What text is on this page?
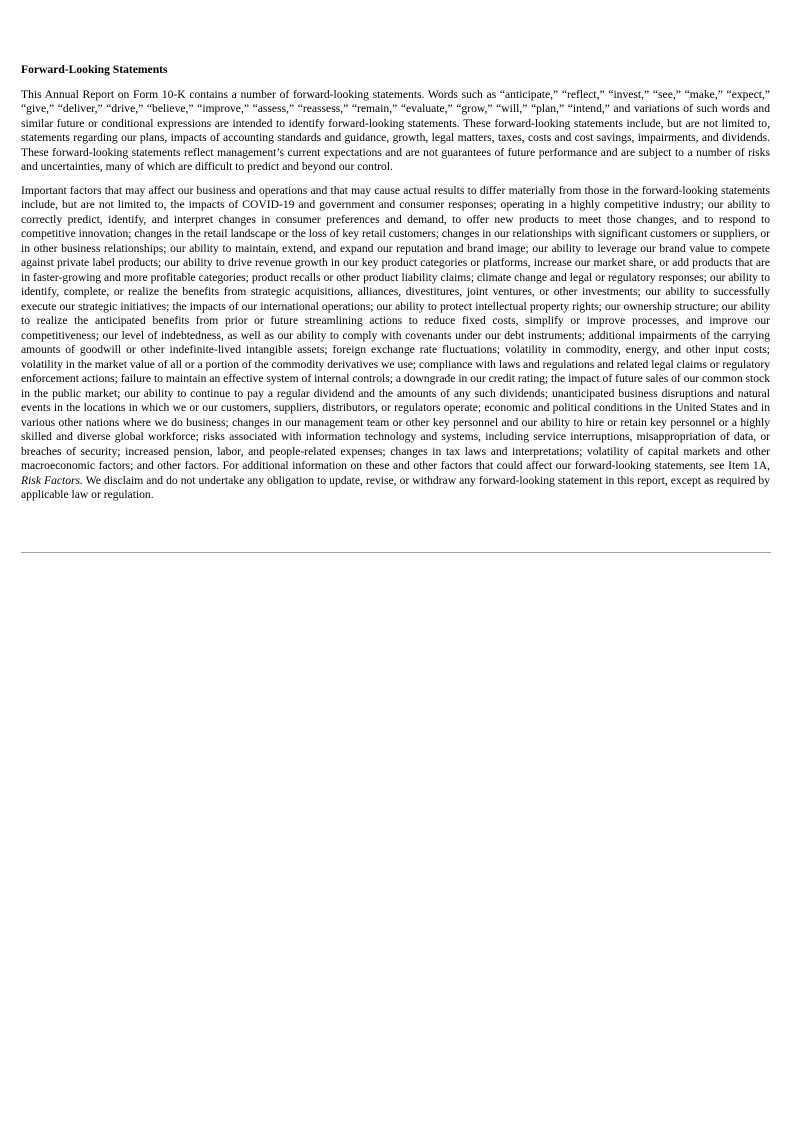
Forward-Looking Statements

This Annual Report on Form 10-K contains a number of forward-looking statements. Words such as “anticipate,” “reflect,” “invest,” “see,” “make,” “expect,” “give,” “deliver,” “drive,” “believe,” “improve,” “assess,” “reassess,” “remain,” “evaluate,” “grow,” “will,” “plan,” “intend,” and variations of such words and similar future or conditional expressions are intended to identify forward-looking statements. These forward-looking statements include, but are not limited to, statements regarding our plans, impacts of accounting standards and guidance, growth, legal matters, taxes, costs and cost savings, impairments, and dividends. These forward-looking statements reflect management’s current expectations and are not guarantees of future performance and are subject to a number of risks and uncertainties, many of which are difficult to predict and beyond our control.

Important factors that may affect our business and operations and that may cause actual results to differ materially from those in the forward-looking statements include, but are not limited to, the impacts of COVID-19 and government and consumer responses; operating in a highly competitive industry; our ability to correctly predict, identify, and interpret changes in consumer preferences and demand, to offer new products to meet those changes, and to respond to competitive innovation; changes in the retail landscape or the loss of key retail customers; changes in our relationships with significant customers or suppliers, or in other business relationships; our ability to maintain, extend, and expand our reputation and brand image; our ability to leverage our brand value to compete against private label products; our ability to drive revenue growth in our key product categories or platforms, increase our market share, or add products that are in faster-growing and more profitable categories; product recalls or other product liability claims; climate change and legal or regulatory responses; our ability to identify, complete, or realize the benefits from strategic acquisitions, alliances, divestitures, joint ventures, or other investments; our ability to successfully execute our strategic initiatives; the impacts of our international operations; our ability to protect intellectual property rights; our ownership structure; our ability to realize the anticipated benefits from prior or future streamlining actions to reduce fixed costs, simplify or improve processes, and improve our competitiveness; our level of indebtedness, as well as our ability to comply with covenants under our debt instruments; additional impairments of the carrying amounts of goodwill or other indefinite-lived intangible assets; foreign exchange rate fluctuations; volatility in commodity, energy, and other input costs; volatility in the market value of all or a portion of the commodity derivatives we use; compliance with laws and regulations and related legal claims or regulatory enforcement actions; failure to maintain an effective system of internal controls; a downgrade in our credit rating; the impact of future sales of our common stock in the public market; our ability to continue to pay a regular dividend and the amounts of any such dividends; unanticipated business disruptions and natural events in the locations in which we or our customers, suppliers, distributors, or regulators operate; economic and political conditions in the United States and in various other nations where we do business; changes in our management team or other key personnel and our ability to hire or retain key personnel or a highly skilled and diverse global workforce; risks associated with information technology and systems, including service interruptions, misappropriation of data, or breaches of security; increased pension, labor, and people-related expenses; changes in tax laws and interpretations; volatility of capital markets and other macroeconomic factors; and other factors. For additional information on these and other factors that could affect our forward-looking statements, see Item 1A, Risk Factors. We disclaim and do not undertake any obligation to update, revise, or withdraw any forward-looking statement in this report, except as required by applicable law or regulation.
